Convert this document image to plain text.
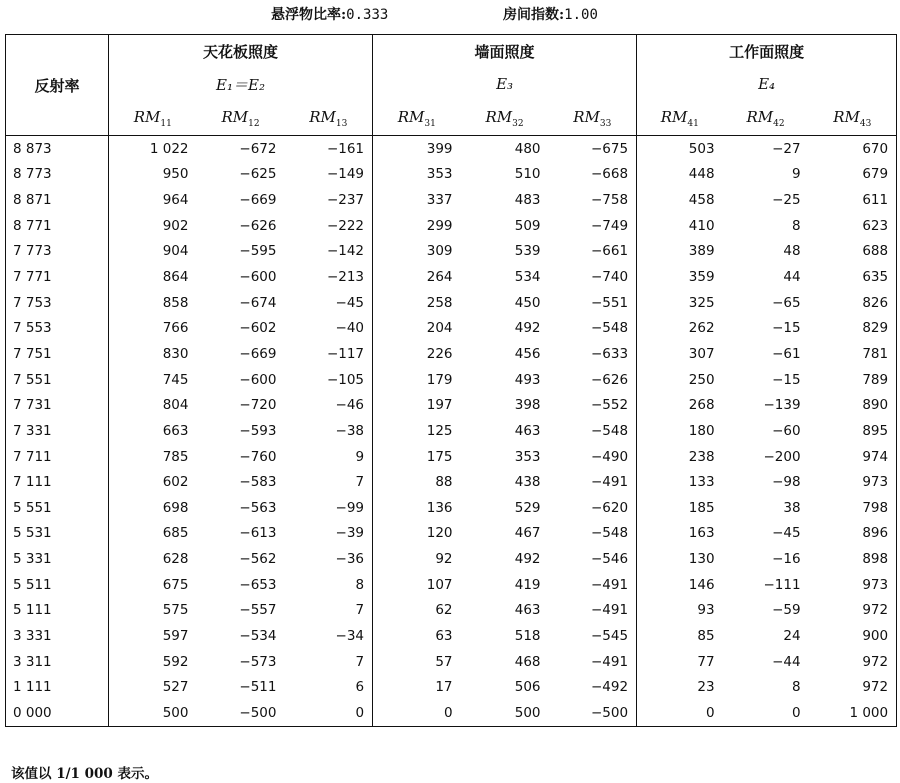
悬浮物比率:0.333	房间指数:1.00
反射率	天花板照度			墙面照度			工作面照度		
	E₁＝E₂			E₃			E₄		
	$RM_{11}$	$RM_{12}$	$RM_{13}$	$RM_{31}$	$RM_{32}$	$RM_{33}$	$RM_{41}$	$RM_{42}$	$RM_{43}$
8 873	1 022	−672	−161	399	480	−675	503	−27	670
8 773	950	−625	−149	353	510	−668	448	9	679
8 871	964	−669	−237	337	483	−758	458	−25	611
8 771	902	−626	−222	299	509	−749	410	8	623
7 773	904	−595	−142	309	539	−661	389	48	688
7 771	864	−600	−213	264	534	−740	359	44	635
7 753	858	−674	−45	258	450	−551	325	−65	826
7 553	766	−602	−40	204	492	−548	262	−15	829
7 751	830	−669	−117	226	456	−633	307	−61	781
7 551	745	−600	−105	179	493	−626	250	−15	789
7 731	804	−720	−46	197	398	−552	268	−139	890
7 331	663	−593	−38	125	463	−548	180	−60	895
7 711	785	−760	9	175	353	−490	238	−200	974
7 111	602	−583	7	88	438	−491	133	−98	973
5 551	698	−563	−99	136	529	−620	185	38	798
5 531	685	−613	−39	120	467	−548	163	−45	896
5 331	628	−562	−36	92	492	−546	130	−16	898
5 511	675	−653	8	107	419	−491	146	−111	973
5 111	575	−557	7	62	463	−491	93	−59	972
3 331	597	−534	−34	63	518	−545	85	24	900
3 311	592	−573	7	57	468	−491	77	−44	972
1 111	527	−511	6	17	506	−492	23	8	972
0 000	500	−500	0	0	500	−500	0	0	1 000
该值以 1/1 000 表示。
